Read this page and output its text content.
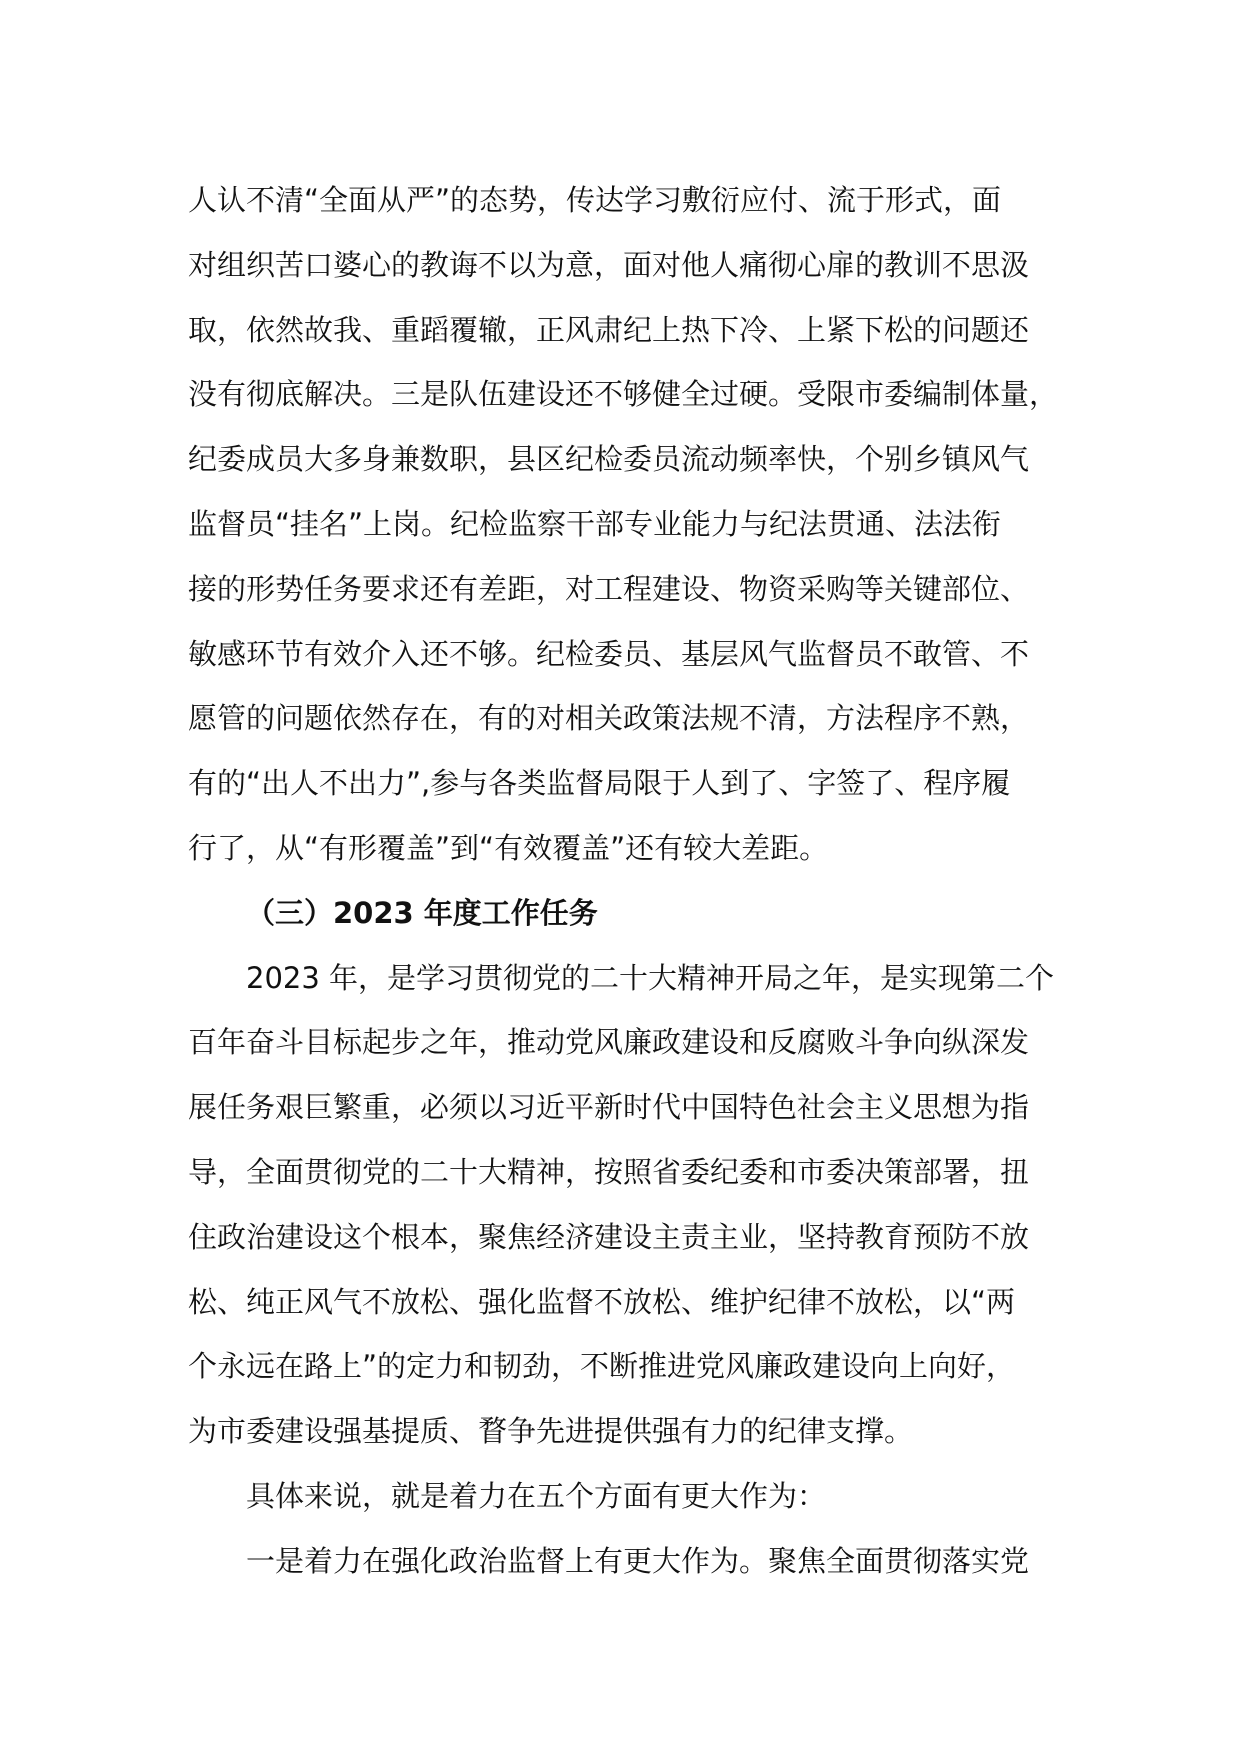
人认不清“全面从严”的态势，传达学习敷衍应付、流于形式，面
对组织苦口婆心的教诲不以为意，面对他人痛彻心扉的教训不思汲
取，依然故我、重蹈覆辙，正风肃纪上热下冷、上紧下松的问题还
没有彻底解决。三是队伍建设还不够健全过硬。受限市委编制体量，
纪委成员大多身兼数职，县区纪检委员流动频率快，个别乡镇风气
监督员“挂名”上岗。纪检监察干部专业能力与纪法贯通、法法衔
接的形势任务要求还有差距，对工程建设、物资采购等关键部位、
敏感环节有效介入还不够。纪检委员、基层风气监督员不敢管、不
愿管的问题依然存在，有的对相关政策法规不清，方法程序不熟，
有的“出人不出力”,参与各类监督局限于人到了、字签了、程序履
行了，从“有形覆盖”到“有效覆盖”还有较大差距。
（三）2023 年度工作任务
2023 年，是学习贯彻党的二十大精神开局之年，是实现第二个
百年奋斗目标起步之年，推动党风廉政建设和反腐败斗争向纵深发
展任务艰巨繁重，必须以习近平新时代中国特色社会主义思想为指
导，全面贯彻党的二十大精神，按照省委纪委和市委决策部署，扭
住政治建设这个根本，聚焦经济建设主责主业，坚持教育预防不放
松、纯正风气不放松、强化监督不放松、维护纪律不放松，以“两
个永远在路上”的定力和韧劲，不断推进党风廉政建设向上向好，
为市委建设强基提质、瞀争先进提供强有力的纪律支撑。
具体来说，就是着力在五个方面有更大作为：
一是着力在强化政治监督上有更大作为。聚焦全面贯彻落实党
